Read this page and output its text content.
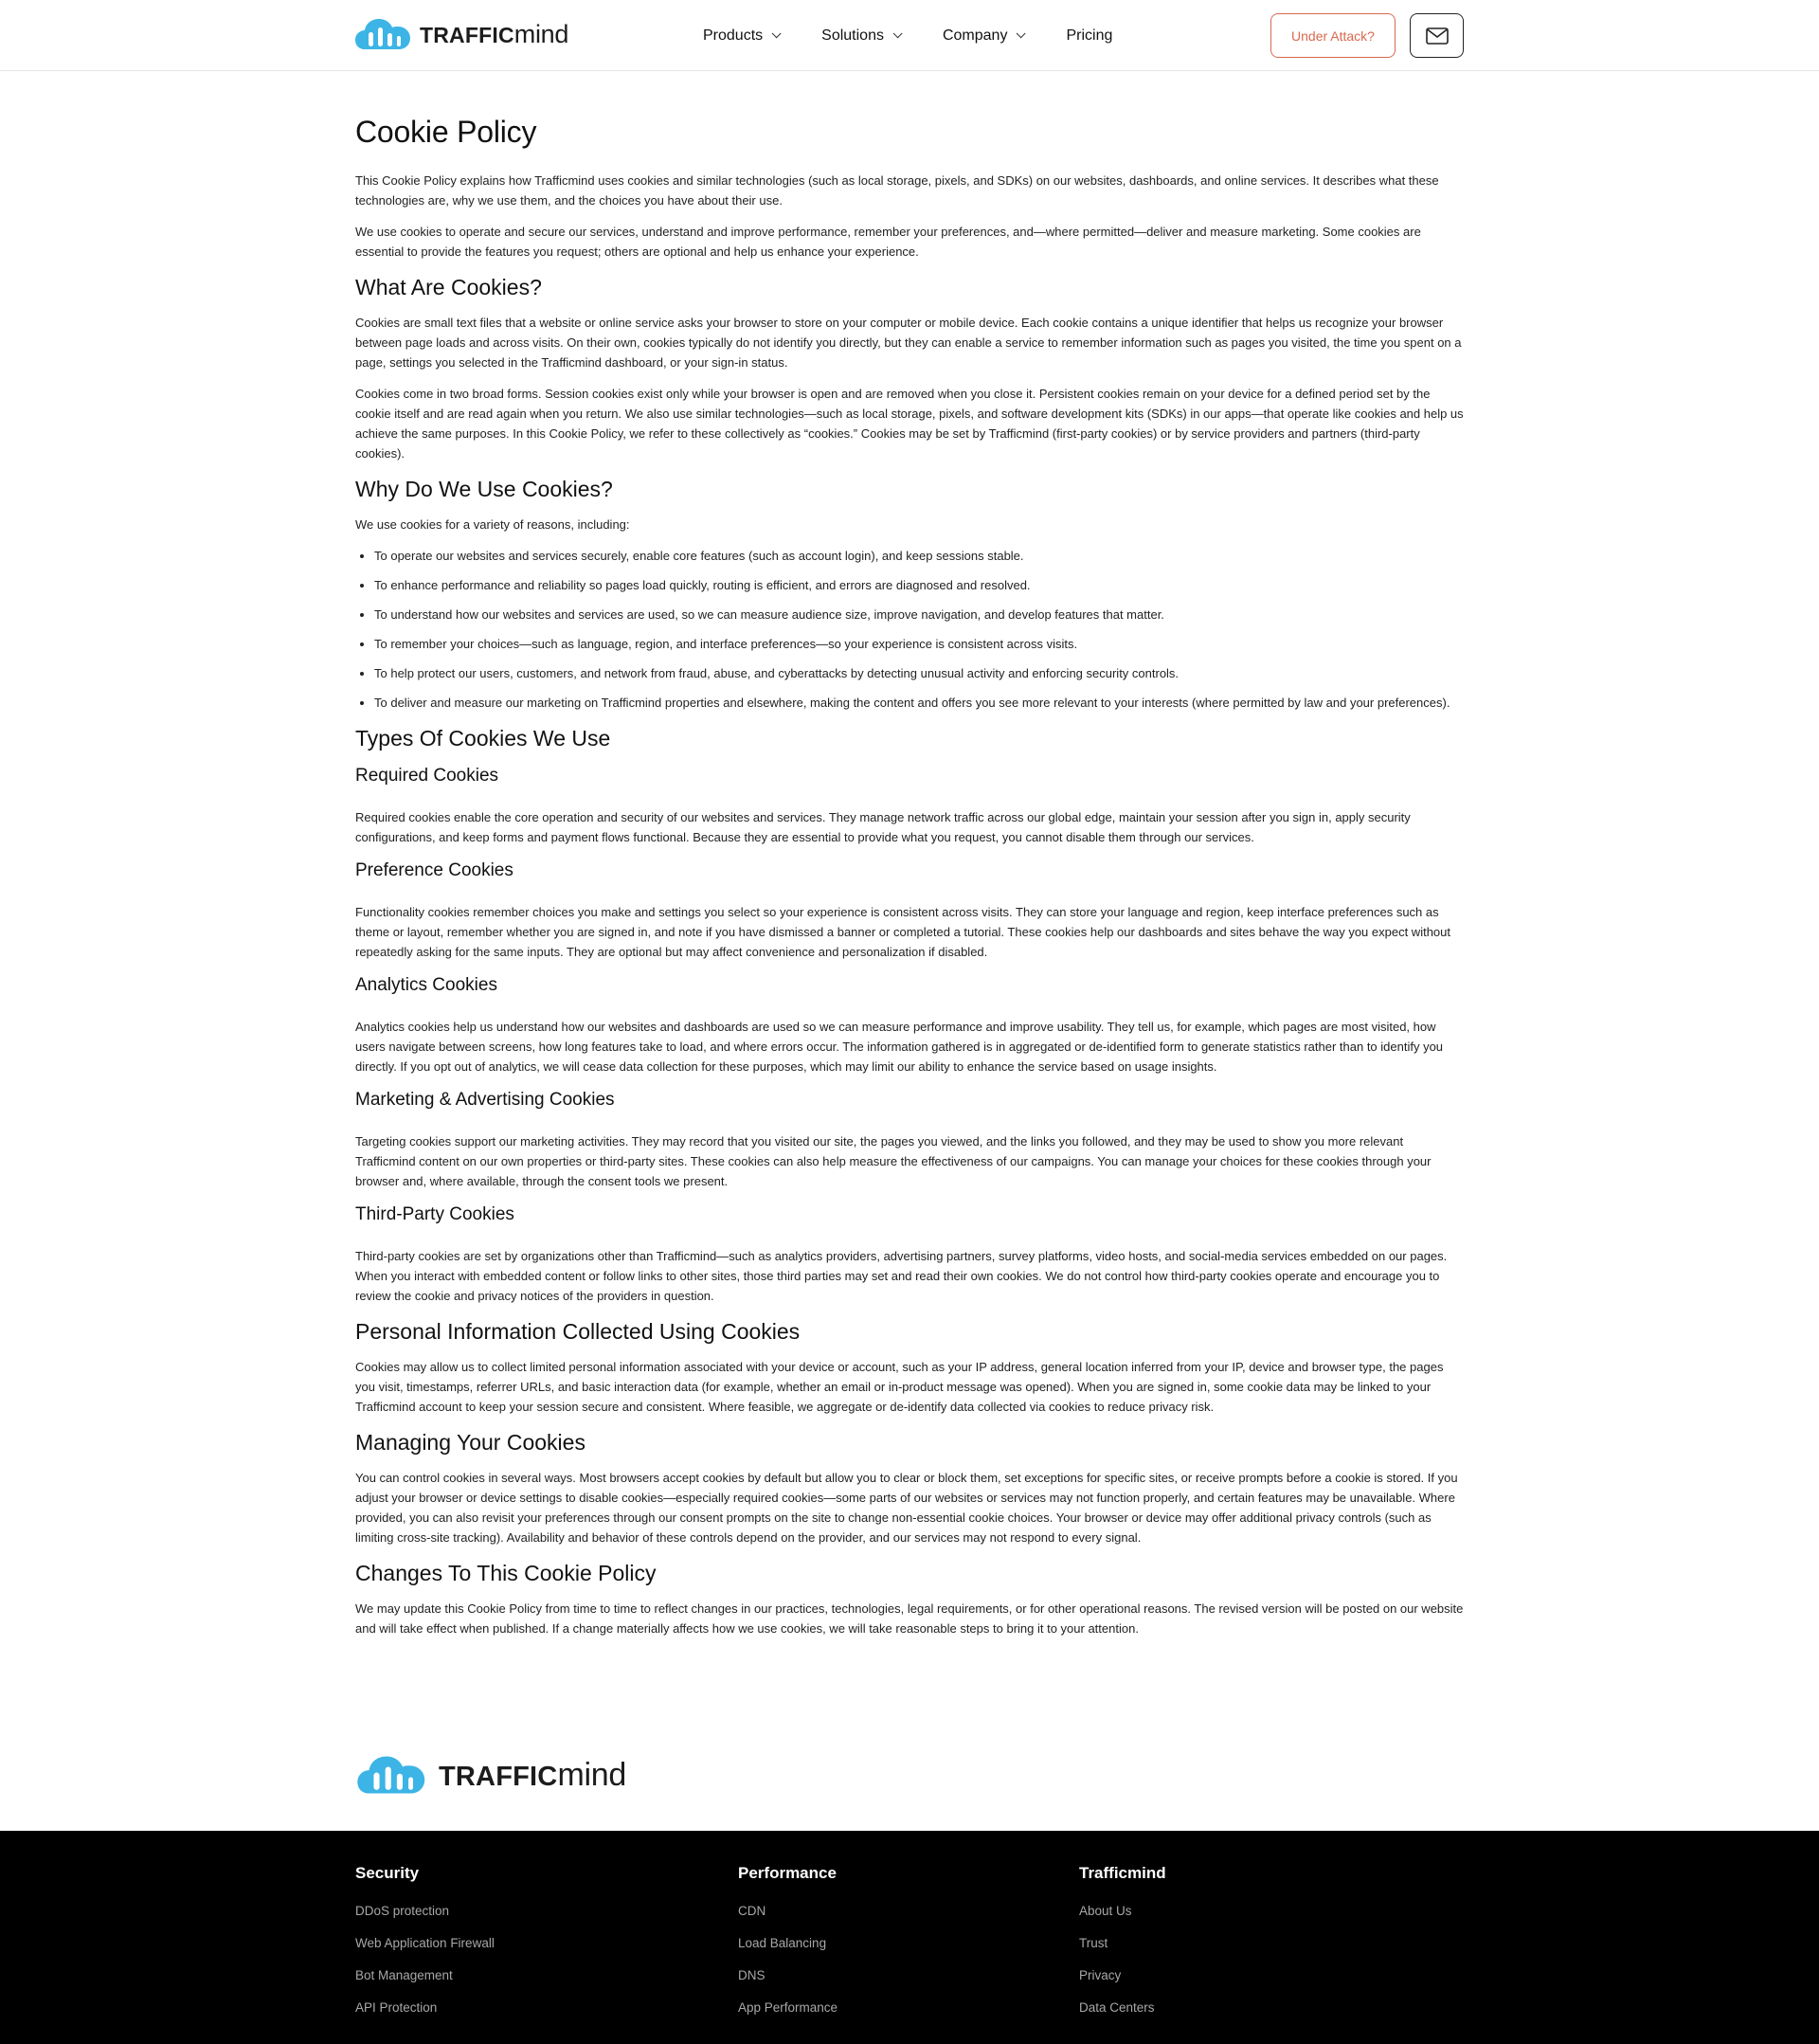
TRAFFICmind	Products	Solutions	Company	Pricing	Under Attack?
Cookie Policy

This Cookie Policy explains how Trafficmind uses cookies and similar technologies (such as local storage, pixels, and SDKs) on our websites, dashboards, and online services. It describes what these technologies are, why we use them, and the choices you have about their use.

We use cookies to operate and secure our services, understand and improve performance, remember your preferences, and—where permitted—deliver and measure marketing. Some cookies are essential to provide the features you request; others are optional and help us enhance your experience.

What Are Cookies?

Cookies are small text files that a website or online service asks your browser to store on your computer or mobile device. Each cookie contains a unique identifier that helps us recognize your browser between page loads and across visits. On their own, cookies typically do not identify you directly, but they can enable a service to remember information such as pages you visited, the time you spent on a page, settings you selected in the Trafficmind dashboard, or your sign-in status.

Cookies come in two broad forms. Session cookies exist only while your browser is open and are removed when you close it. Persistent cookies remain on your device for a defined period set by the cookie itself and are read again when you return. We also use similar technologies—such as local storage, pixels, and software development kits (SDKs) in our apps—that operate like cookies and help us achieve the same purposes. In this Cookie Policy, we refer to these collectively as “cookies.” Cookies may be set by Trafficmind (first-party cookies) or by service providers and partners (third-party cookies).

Why Do We Use Cookies?

We use cookies for a variety of reasons, including:

• To operate our websites and services securely, enable core features (such as account login), and keep sessions stable.
• To enhance performance and reliability so pages load quickly, routing is efficient, and errors are diagnosed and resolved.
• To understand how our websites and services are used, so we can measure audience size, improve navigation, and develop features that matter.
• To remember your choices—such as language, region, and interface preferences—so your experience is consistent across visits.
• To help protect our users, customers, and network from fraud, abuse, and cyberattacks by detecting unusual activity and enforcing security controls.
• To deliver and measure our marketing on Trafficmind properties and elsewhere, making the content and offers you see more relevant to your interests (where permitted by law and your preferences).
Types Of Cookies We Use
Required Cookies

Required cookies enable the core operation and security of our websites and services. They manage network traffic across our global edge, maintain your session after you sign in, apply security configurations, and keep forms and payment flows functional. Because they are essential to provide what you request, you cannot disable them through our services.

Preference Cookies

Functionality cookies remember choices you make and settings you select so your experience is consistent across visits. They can store your language and region, keep interface preferences such as theme or layout, remember whether you are signed in, and note if you have dismissed a banner or completed a tutorial. These cookies help our dashboards and sites behave the way you expect without repeatedly asking for the same inputs. They are optional but may affect convenience and personalization if disabled.

Analytics Cookies

Analytics cookies help us understand how our websites and dashboards are used so we can measure performance and improve usability. They tell us, for example, which pages are most visited, how users navigate between screens, how long features take to load, and where errors occur. The information gathered is in aggregated or de-identified form to generate statistics rather than to identify you directly. If you opt out of analytics, we will cease data collection for these purposes, which may limit our ability to enhance the service based on usage insights.

Marketing & Advertising Cookies

Targeting cookies support our marketing activities. They may record that you visited our site, the pages you viewed, and the links you followed, and they may be used to show you more relevant Trafficmind content on our own properties or third-party sites. These cookies can also help measure the effectiveness of our campaigns. You can manage your choices for these cookies through your browser and, where available, through the consent tools we present.

Third-Party Cookies

Third-party cookies are set by organizations other than Trafficmind—such as analytics providers, advertising partners, survey platforms, video hosts, and social-media services embedded on our pages. When you interact with embedded content or follow links to other sites, those third parties may set and read their own cookies. We do not control how third-party cookies operate and encourage you to review the cookie and privacy notices of the providers in question.

Personal Information Collected Using Cookies

Cookies may allow us to collect limited personal information associated with your device or account, such as your IP address, general location inferred from your IP, device and browser type, the pages you visit, timestamps, referrer URLs, and basic interaction data (for example, whether an email or in-product message was opened). When you are signed in, some cookie data may be linked to your Trafficmind account to keep your session secure and consistent. Where feasible, we aggregate or de-identify data collected via cookies to reduce privacy risk.

Managing Your Cookies

You can control cookies in several ways. Most browsers accept cookies by default but allow you to clear or block them, set exceptions for specific sites, or receive prompts before a cookie is stored. If you adjust your browser or device settings to disable cookies—especially required cookies—some parts of our websites or services may not function properly, and certain features may be unavailable. Where provided, you can also revisit your preferences through our consent prompts on the site to change non-essential cookie choices. Your browser or device may offer additional privacy controls (such as limiting cross-site tracking). Availability and behavior of these controls depend on the provider, and our services may not respond to every signal.

Changes To This Cookie Policy

We may update this Cookie Policy from time to time to reflect changes in our practices, technologies, legal requirements, or for other operational reasons. The revised version will be posted on our website and will take effect when published. If a change materially affects how we use cookies, we will take reasonable steps to bring it to your attention.

TRAFFICmind
Security
DDoS protection
Web Application Firewall
Bot Management
API Protection
Performance
CDN
Load Balancing
DNS
App Performance
Trafficmind
About Us
Trust
Privacy
Data Centers
